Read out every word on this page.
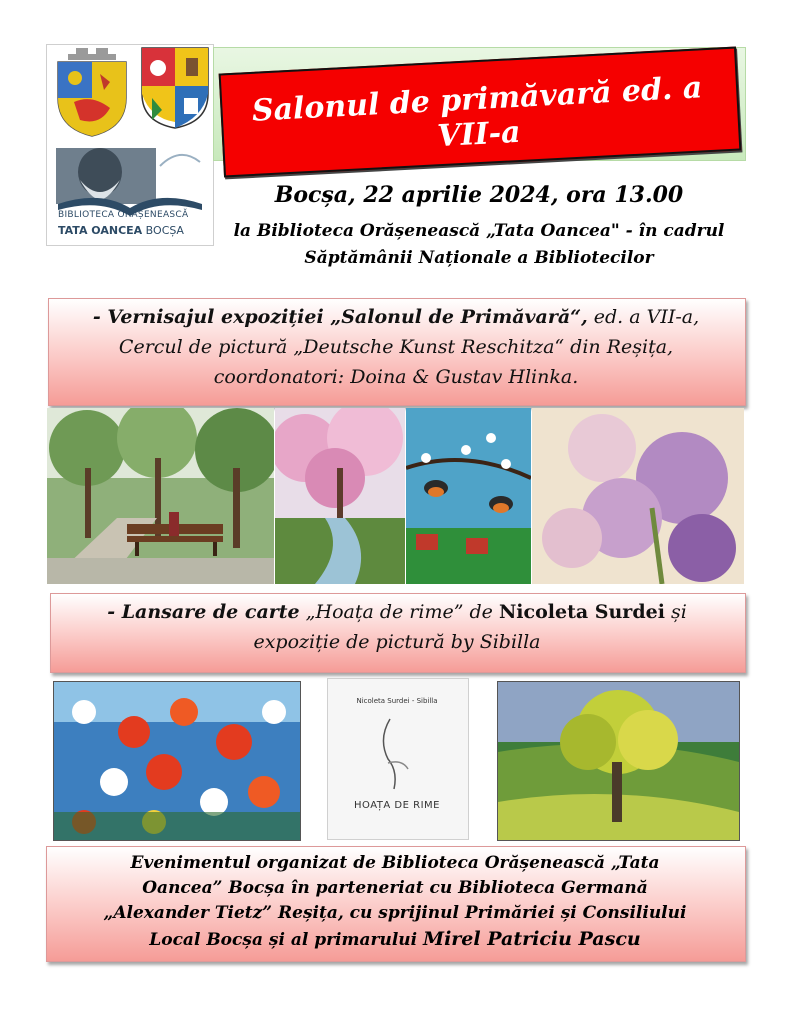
BIBLIOTECA ORĂȘENEASCĂ
TATA OANCEA BOCȘA
Salonul de primăvară ed. a VII-a
Bocșa, 22 aprilie 2024, ora 13.00
la Biblioteca Orășenească „Tata Oancea" - în cadrul
Săptămânii Naționale a Bibliotecilor
- Vernisajul expoziției „Salonul de Primăvară“, ed. a VII-a,
Cercul de pictură „Deutsche Kunst Reschitza“ din Reșița,
coordonatori: Doina & Gustav Hlinka.
- Lansare de carte „Hoața de rime” de Nicoleta Surdei și
expoziție de pictură by Sibilla
Nicoleta Surdei - Sibilla
HOAȚA DE RIME
Evenimentul organizat de Biblioteca Orășenească „Tata
Oancea” Bocșa în parteneriat cu Biblioteca Germană
„Alexander Tietz” Reșița, cu sprijinul Primăriei și Consiliului
Local Bocșa și al primarului Mirel Patriciu Pascu
